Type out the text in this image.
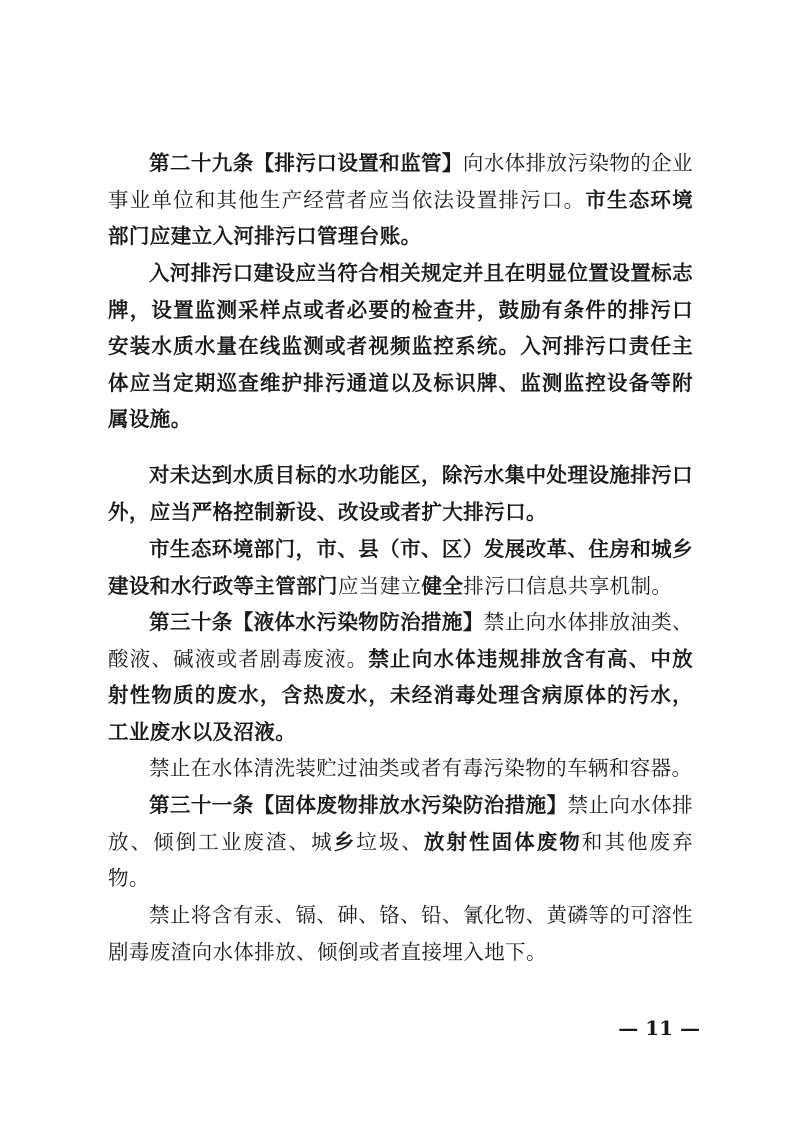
第二十九条【排污口设置和监管】向水体排放污染物的企业事业单位和其他生产经营者应当依法设置排污口。市生态环境部门应建立入河排污口管理台账。

入河排污口建设应当符合相关规定并且在明显位置设置标志牌，设置监测采样点或者必要的检查井，鼓励有条件的排污口安装水质水量在线监测或者视频监控系统。入河排污口责任主体应当定期巡查维护排污通道以及标识牌、监测监控设备等附属设施。

对未达到水质目标的水功能区，除污水集中处理设施排污口外，应当严格控制新设、改设或者扩大排污口。

市生态环境部门，市、县（市、区）发展改革、住房和城乡建设和水行政等主管部门应当建立健全排污口信息共享机制。

第三十条【液体水污染物防治措施】禁止向水体排放油类、酸液、碱液或者剧毒废液。禁止向水体违规排放含有高、中放射性物质的废水，含热废水，未经消毒处理含病原体的污水，工业废水以及沼液。

禁止在水体清洗装贮过油类或者有毒污染物的车辆和容器。

第三十一条【固体废物排放水污染防治措施】禁止向水体排放、倾倒工业废渣、城乡垃圾、放射性固体废物和其他废弃物。

禁止将含有汞、镉、砷、铬、铅、氰化物、黄磷等的可溶性剧毒废渣向水体排放、倾倒或者直接埋入地下。

— 11 —
